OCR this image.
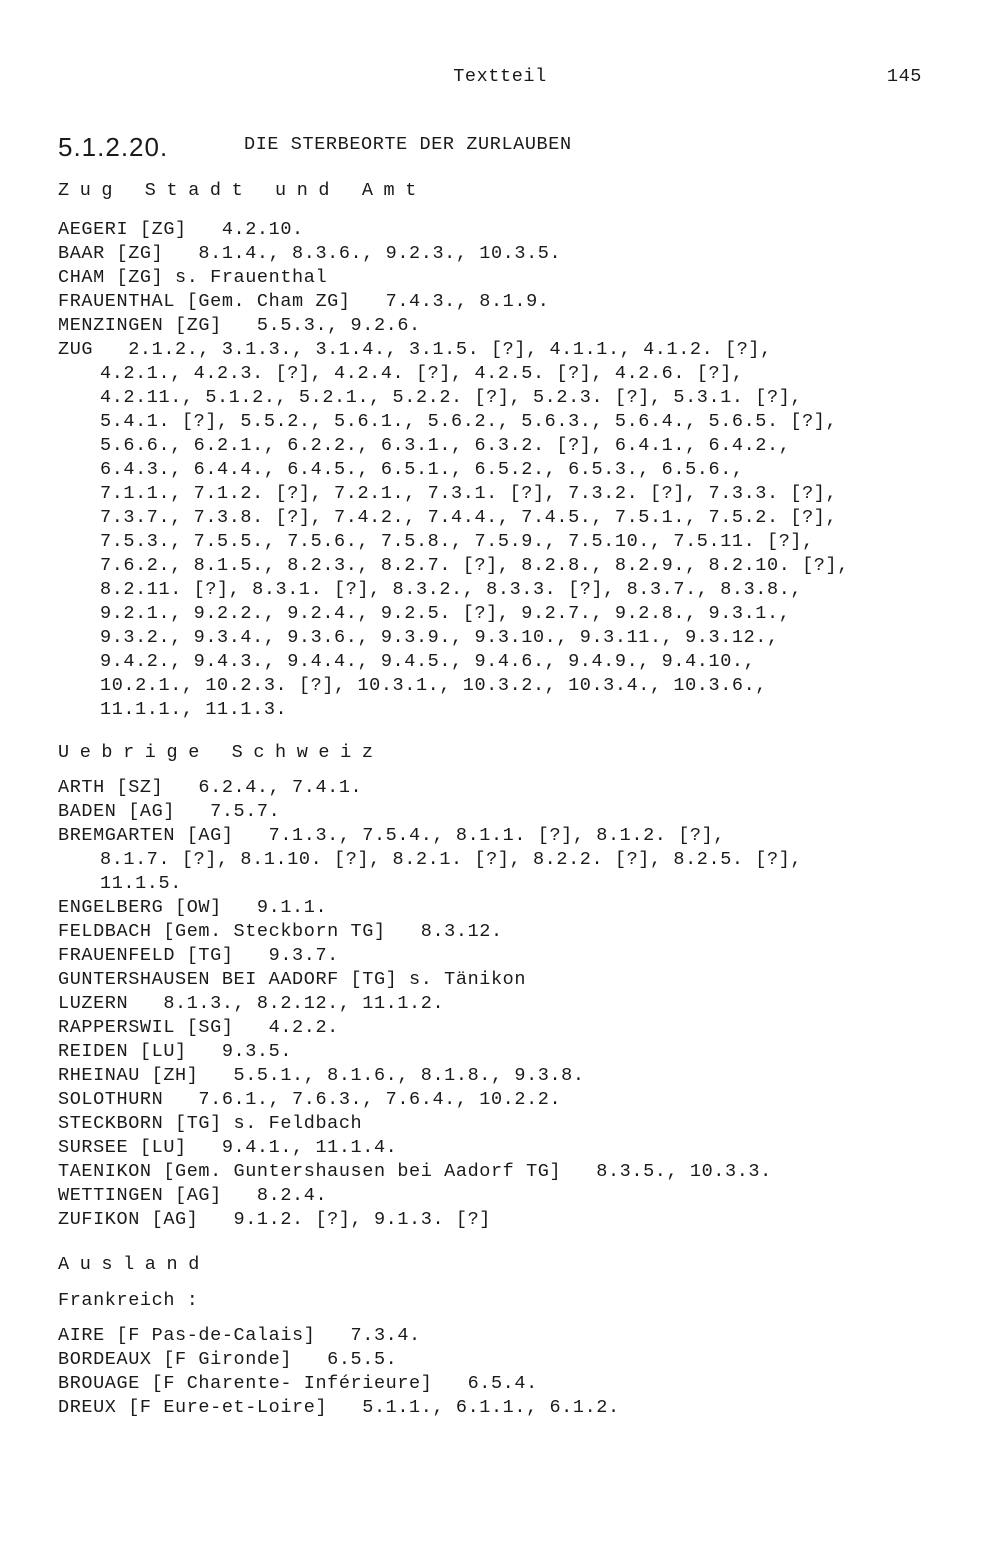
Textteil	145
5.1.2.20.	DIE STERBEORTE DER ZURLAUBEN
Zug Stadt und Amt
AEGERI [ZG]   4.2.10.
BAAR [ZG]   8.1.4., 8.3.6., 9.2.3., 10.3.5.
CHAM [ZG] s. Frauenthal
FRAUENTHAL [Gem. Cham ZG]   7.4.3., 8.1.9.
MENZINGEN [ZG]   5.5.3., 9.2.6.
ZUG   2.1.2., 3.1.3., 3.1.4., 3.1.5. [?], 4.1.1., 4.1.2. [?],
4.2.1., 4.2.3. [?], 4.2.4. [?], 4.2.5. [?], 4.2.6. [?],
4.2.11., 5.1.2., 5.2.1., 5.2.2. [?], 5.2.3. [?], 5.3.1. [?],
5.4.1. [?], 5.5.2., 5.6.1., 5.6.2., 5.6.3., 5.6.4., 5.6.5. [?],
5.6.6., 6.2.1., 6.2.2., 6.3.1., 6.3.2. [?], 6.4.1., 6.4.2.,
6.4.3., 6.4.4., 6.4.5., 6.5.1., 6.5.2., 6.5.3., 6.5.6.,
7.1.1., 7.1.2. [?], 7.2.1., 7.3.1. [?], 7.3.2. [?], 7.3.3. [?],
7.3.7., 7.3.8. [?], 7.4.2., 7.4.4., 7.4.5., 7.5.1., 7.5.2. [?],
7.5.3., 7.5.5., 7.5.6., 7.5.8., 7.5.9., 7.5.10., 7.5.11. [?],
7.6.2., 8.1.5., 8.2.3., 8.2.7. [?], 8.2.8., 8.2.9., 8.2.10. [?],
8.2.11. [?], 8.3.1. [?], 8.3.2., 8.3.3. [?], 8.3.7., 8.3.8.,
9.2.1., 9.2.2., 9.2.4., 9.2.5. [?], 9.2.7., 9.2.8., 9.3.1.,
9.3.2., 9.3.4., 9.3.6., 9.3.9., 9.3.10., 9.3.11., 9.3.12.,
9.4.2., 9.4.3., 9.4.4., 9.4.5., 9.4.6., 9.4.9., 9.4.10.,
10.2.1., 10.2.3. [?], 10.3.1., 10.3.2., 10.3.4., 10.3.6.,
11.1.1., 11.1.3.
Uebrige Schweiz
ARTH [SZ]   6.2.4., 7.4.1.
BADEN [AG]   7.5.7.
BREMGARTEN [AG]   7.1.3., 7.5.4., 8.1.1. [?], 8.1.2. [?],
8.1.7. [?], 8.1.10. [?], 8.2.1. [?], 8.2.2. [?], 8.2.5. [?],
11.1.5.
ENGELBERG [OW]   9.1.1.
FELDBACH [Gem. Steckborn TG]   8.3.12.
FRAUENFELD [TG]   9.3.7.
GUNTERSHAUSEN BEI AADORF [TG] s. Tänikon
LUZERN   8.1.3., 8.2.12., 11.1.2.
RAPPERSWIL [SG]   4.2.2.
REIDEN [LU]   9.3.5.
RHEINAU [ZH]   5.5.1., 8.1.6., 8.1.8., 9.3.8.
SOLOTHURN   7.6.1., 7.6.3., 7.6.4., 10.2.2.
STECKBORN [TG] s. Feldbach
SURSEE [LU]   9.4.1., 11.1.4.
TAENIKON [Gem. Guntershausen bei Aadorf TG]   8.3.5., 10.3.3.
WETTINGEN [AG]   8.2.4.
ZUFIKON [AG]   9.1.2. [?], 9.1.3. [?]
Ausland
Frankreich :
AIRE [F Pas-de-Calais]   7.3.4.
BORDEAUX [F Gironde]   6.5.5.
BROUAGE [F Charente- Inférieure]   6.5.4.
DREUX [F Eure-et-Loire]   5.1.1., 6.1.1., 6.1.2.
